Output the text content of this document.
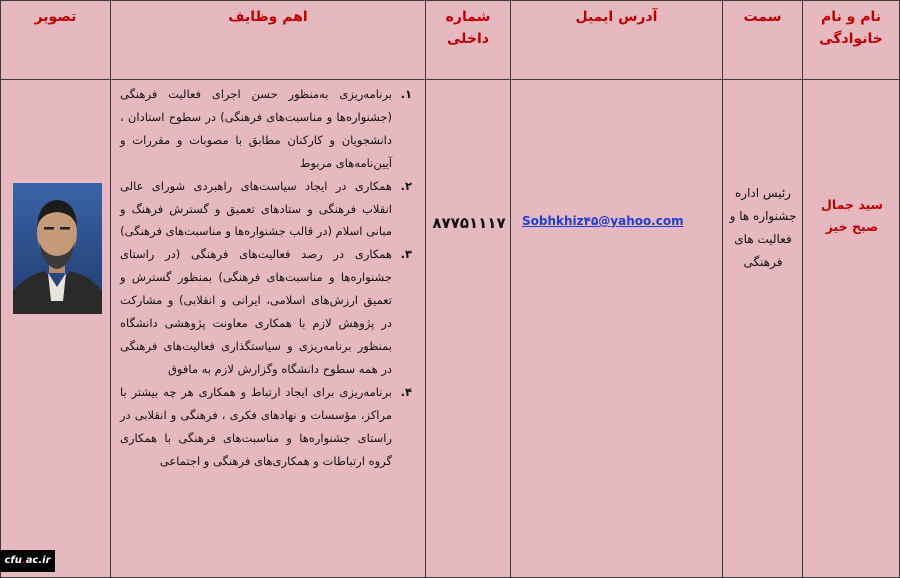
نام و نام خانوادگی
سمت
آدرس ایمیل
شماره داخلی
اهم وظایف
تصویر
سید جمال صبح خیز
رئیس اداره جشنواره ها و فعالیت های فرهنگی
Sobhkhiz۴۵@yahoo.com
۸۷۷۵۱۱۱۷
۱.
برنامه‌ریزی به‌منظور حسن اجرای فعالیت فرهنگی (جشنواره‌ها و مناسبت‌های فرهنگی) در سطوح استادان ، دانشجویان و کارکنان مطابق با مصوبات و مقررات و آیین‌نامه‌های مربوط
۲.
همکاری در ایجاد سیاست‌های راهبردی شورای عالی انقلاب فرهنگی و ستادهای تعمیق و گسترش فرهنگ و مبانی اسلام (در قالب جشنواره‌ها و مناسبت‌های فرهنگی)
۳.
همکاری در رصد فعالیت‌های فرهنگی (در راستای جشنواره‌ها و مناسبت‌های فرهنگی) بمنظور گسترش و تعمیق ارزش‌های اسلامی، ایرانی و انقلابی) و مشارکت در پژوهش لازم با همکاری معاونت پژوهشی دانشگاه بمنظور برنامه‌ریزی و سیاستگذاری فعالیت‌های فرهنگی در همه سطوح دانشگاه وگزارش لازم به مافوق
۴.
برنامه‌ریزی برای ایجاد ارتباط و همکاری هر چه بیشتر با مراکز، مؤسسات و نهادهای فکری ، فرهنگی و انقلابی در راستای جشنواره‌ها و مناسبت‌های فرهنگی با همکاری گروه ارتباطات و همکاری‌های فرهنگی و اجتماعی
cfu.ac.ir
